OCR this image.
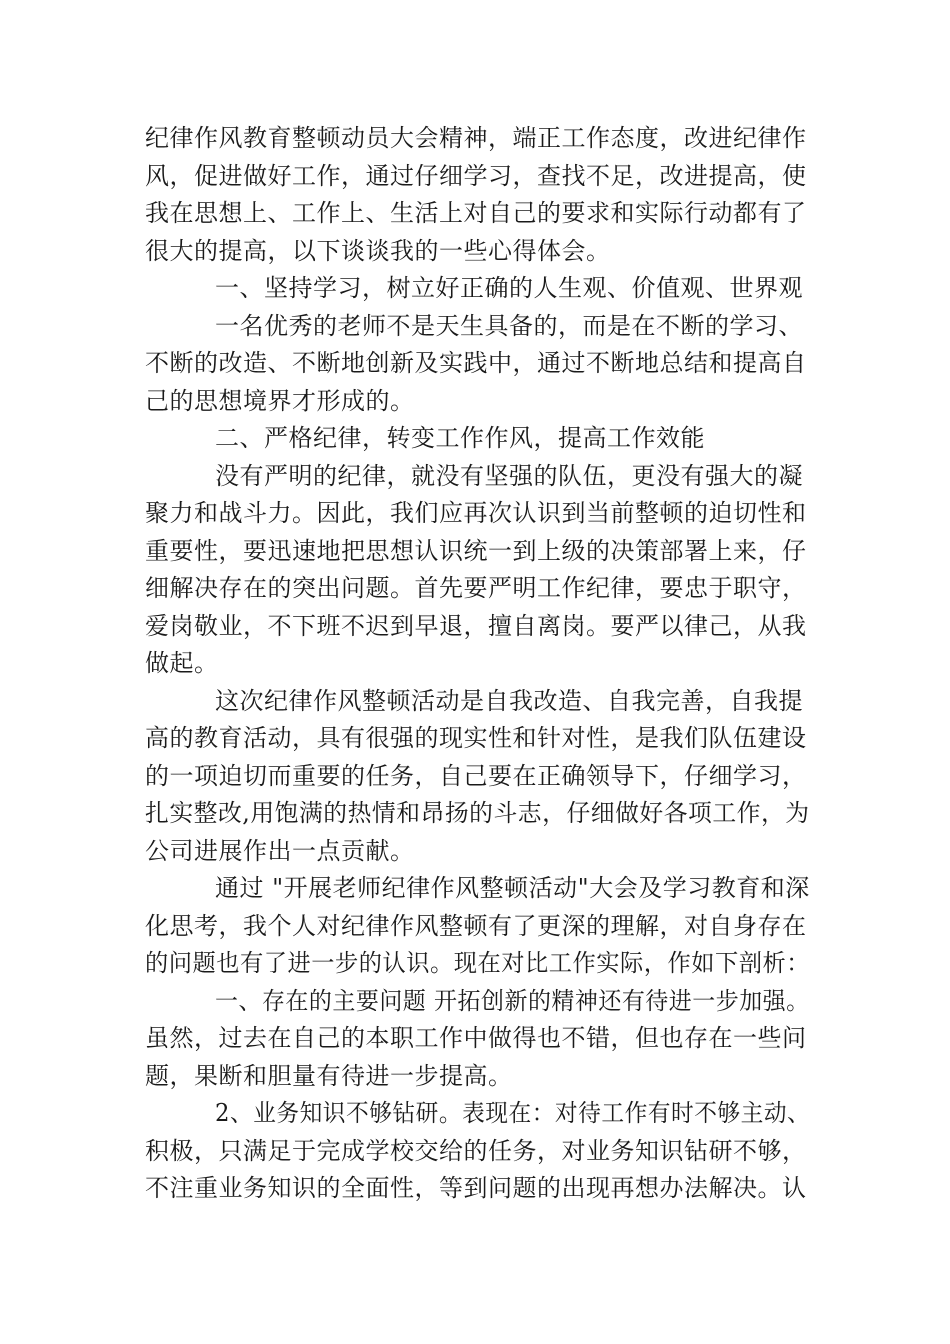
纪律作风教育整顿动员大会精神，端正工作态度，改进纪律作
风，促进做好工作，通过仔细学习，查找不足，改进提高，使
我在思想上、工作上、生活上对自己的要求和实际行动都有了
很大的提高，以下谈谈我的一些心得体会。
一、坚持学习，树立好正确的人生观、价值观、世界观
一名优秀的老师不是天生具备的，而是在不断的学习、
不断的改造、不断地创新及实践中，通过不断地总结和提高自
己的思想境界才形成的。
二、严格纪律，转变工作作风，提高工作效能
没有严明的纪律，就没有坚强的队伍，更没有强大的凝
聚力和战斗力。因此，我们应再次认识到当前整顿的迫切性和
重要性，要迅速地把思想认识统一到上级的决策部署上来，仔
细解决存在的突出问题。首先要严明工作纪律，要忠于职守，
爱岗敬业，不下班不迟到早退，擅自离岗。要严以律己，从我
做起。
这次纪律作风整顿活动是自我改造、自我完善，自我提
高的教育活动，具有很强的现实性和针对性，是我们队伍建设
的一项迫切而重要的任务，自己要在正确领导下，仔细学习，
扎实整改,用饱满的热情和昂扬的斗志，仔细做好各项工作，为
公司进展作出一点贡献。
通过 "开展老师纪律作风整顿活动"大会及学习教育和深
化思考，我个人对纪律作风整顿有了更深的理解，对自身存在
的问题也有了进一步的认识。现在对比工作实际，作如下剖析：
一、存在的主要问题 开拓创新的精神还有待进一步加强。
虽然，过去在自己的本职工作中做得也不错，但也存在一些问
题，果断和胆量有待进一步提高。
2、业务知识不够钻研。表现在：对待工作有时不够主动、
积极，只满足于完成学校交给的任务，对业务知识钻研不够，
不注重业务知识的全面性，等到问题的出现再想办法解决。认
